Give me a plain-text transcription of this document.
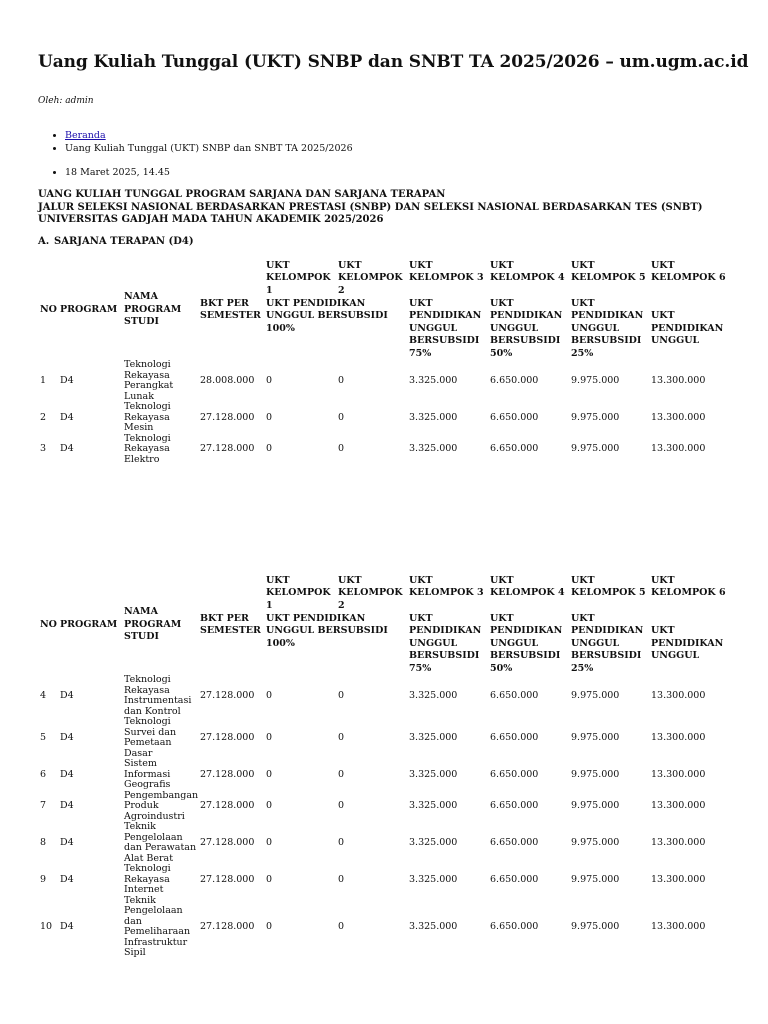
Uang Kuliah Tunggal (UKT) SNBP dan SNBT TA 2025/2026 – um.ugm.ac.id
Oleh: admin
• Beranda
• Uang Kuliah Tunggal (UKT) SNBP dan SNBT TA 2025/2026
• 18 Maret 2025, 14.45
UANG KULIAH TUNGGAL PROGRAM SARJANA DAN SARJANA TERAPAN
JALUR SELEKSI NASIONAL BERDASARKAN PRESTASI (SNBP) DAN SELEKSI NASIONAL BERDASARKAN TES (SNBT)
UNIVERSITAS GADJAH MADA TAHUN AKADEMIK 2025/2026
A. SARJANA TERAPAN (D4)
NO	PROGRAM	NAMA PROGRAM STUDI	BKT PER SEMESTER	UKT KELOMPOK 1	UKT KELOMPOK 2	UKT KELOMPOK 3	UKT KELOMPOK 4	UKT KELOMPOK 5	UKT KELOMPOK 6
				UKT PENDIDIKAN UNGGUL BERSUBSIDI 100%		UKT PENDIDIKAN UNGGUL BERSUBSIDI 75%	UKT PENDIDIKAN UNGGUL BERSUBSIDI 50%	UKT PENDIDIKAN UNGGUL BERSUBSIDI 25%	UKT PENDIDIKAN UNGGUL
1	D4	Teknologi Rekayasa Perangkat Lunak	28.008.000	0	0	3.325.000	6.650.000	9.975.000	13.300.000
2	D4	Teknologi Rekayasa Mesin	27.128.000	0	0	3.325.000	6.650.000	9.975.000	13.300.000
3	D4	Teknologi Rekayasa Elektro	27.128.000	0	0	3.325.000	6.650.000	9.975.000	13.300.000
NO	PROGRAM	NAMA PROGRAM STUDI	BKT PER SEMESTER	UKT KELOMPOK 1	UKT KELOMPOK 2	UKT KELOMPOK 3	UKT KELOMPOK 4	UKT KELOMPOK 5	UKT KELOMPOK 6
				UKT PENDIDIKAN UNGGUL BERSUBSIDI 100%		UKT PENDIDIKAN UNGGUL BERSUBSIDI 75%	UKT PENDIDIKAN UNGGUL BERSUBSIDI 50%	UKT PENDIDIKAN UNGGUL BERSUBSIDI 25%	UKT PENDIDIKAN UNGGUL
4	D4	Teknologi Rekayasa Instrumentasi dan Kontrol	27.128.000	0	0	3.325.000	6.650.000	9.975.000	13.300.000
5	D4	Teknologi Survei dan Pemetaan Dasar	27.128.000	0	0	3.325.000	6.650.000	9.975.000	13.300.000
6	D4	Sistem Informasi Geografis	27.128.000	0	0	3.325.000	6.650.000	9.975.000	13.300.000
7	D4	Pengembangan Produk Agroindustri	27.128.000	0	0	3.325.000	6.650.000	9.975.000	13.300.000
8	D4	Teknik Pengelolaan dan Perawatan Alat Berat	27.128.000	0	0	3.325.000	6.650.000	9.975.000	13.300.000
9	D4	Teknologi Rekayasa Internet	27.128.000	0	0	3.325.000	6.650.000	9.975.000	13.300.000
10	D4	Teknik Pengelolaan dan Pemeliharaan Infrastruktur Sipil	27.128.000	0	0	3.325.000	6.650.000	9.975.000	13.300.000
